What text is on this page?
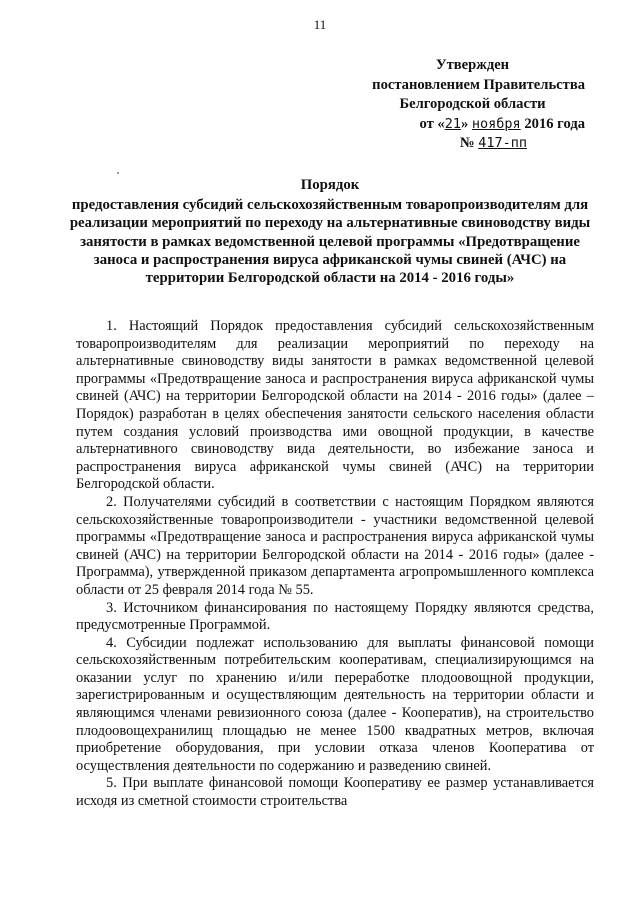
11
Утвержден
постановлением Правительства
Белгородской области
от «21» ноября 2016 года
№ 417-пп
Порядок
предоставления субсидий сельскохозяйственным товаропроизводителям для реализации мероприятий по переходу на альтернативные свиноводству виды занятости в рамках ведомственной целевой программы «Предотвращение заноса и распространения вируса африканской чумы свиней (АЧС) на территории Белгородской области на 2014 - 2016 годы»

1. Настоящий Порядок предоставления субсидий сельскохозяйственным товаропроизводителям для реализации мероприятий по переходу на альтернативные свиноводству виды занятости в рамках ведомственной целевой программы «Предотвращение заноса и распространения вируса африканской чумы свиней (АЧС) на территории Белгородской области на 2014 - 2016 годы» (далее – Порядок) разработан в целях обеспечения занятости сельского населения области путем создания условий производства ими овощной продукции, в качестве альтернативного свиноводству вида деятельности, во избежание заноса и распространения вируса африканской чумы свиней (АЧС) на территории Белгородской области.

2. Получателями субсидий в соответствии с настоящим Порядком являются сельскохозяйственные товаропроизводители - участники ведомственной целевой программы «Предотвращение заноса и распространения вируса африканской чумы свиней (АЧС) на территории Белгородской области на 2014 - 2016 годы» (далее - Программа), утвержденной приказом департамента агропромышленного комплекса области от 25 февраля 2014 года № 55.

3. Источником финансирования по настоящему Порядку являются средства, предусмотренные Программой.

4. Субсидии подлежат использованию для выплаты финансовой помощи сельскохозяйственным потребительским кооперативам, специализирующимся на оказании услуг по хранению и/или переработке плодоовощной продукции, зарегистрированным и осуществляющим деятельность на территории области и являющимся членами ревизионного союза (далее - Кооператив), на строительство плодоовощехранилищ площадью не менее 1500 квадратных метров, включая приобретение оборудования, при условии отказа членов Кооператива от осуществления деятельности по содержанию и разведению свиней.

5. При выплате финансовой помощи Кооперативу ее размер устанавливается исходя из сметной стоимости строительства
